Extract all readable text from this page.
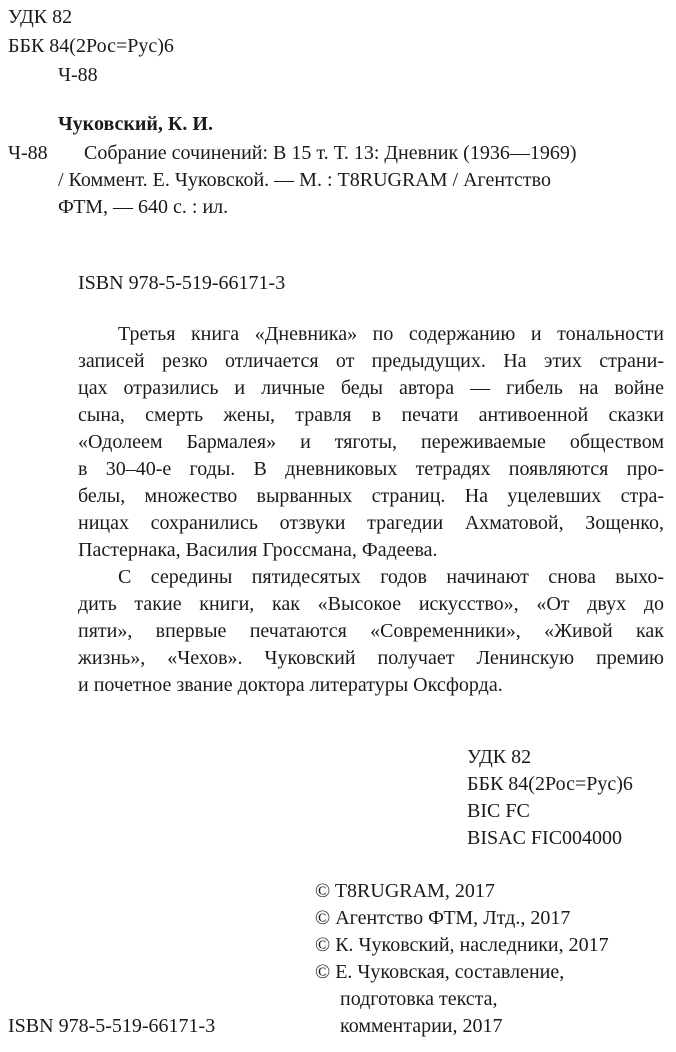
УДК 82

ББК 84(2Рос=Рус)6

Ч-88

Чуковский, К. И.

Ч-88 Собрание сочинений: В 15 т. Т. 13: Дневник (1936—1969)

/ Коммент. Е. Чуковской. — М. : T8RUGRAM / Агентство

ФТМ, — 640 с. : ил.

ISBN 978-5-519-66171-3

Третья книга «Дневника» по содержанию и тональности
записей резко отличается от предыдущих. На этих страни-
цах отразились и личные беды автора — гибель на войне
сына, смерть жены, травля в печати антивоенной сказки
«Одолеем Бармалея» и тяготы, переживаемые обществом
в 30–40-е годы. В дневниковых тетрадях появляются про-
белы, множество вырванных страниц. На уцелевших стра-
ницах сохранились отзвуки трагедии Ахматовой, Зощенко,
Пастернака, Василия Гроссмана, Фадеева.
С середины пятидесятых годов начинают снова выхо-
дить такие книги, как «Высокое искусство», «От двух до
пяти», впервые печатаются «Современники», «Живой как
жизнь», «Чехов». Чуковский получает Ленинскую премию
и почетное звание доктора литературы Оксфорда.

УДК 82

ББК 84(2Рос=Рус)6

BIC FC

BISAC FIC004000

© T8RUGRAM, 2017

© Агентство ФТМ, Лтд., 2017

© К. Чуковский, наследники, 2017

© Е. Чуковская, составление,

подготовка текста,

комментарии, 2017

ISBN 978-5-519-66171-3
